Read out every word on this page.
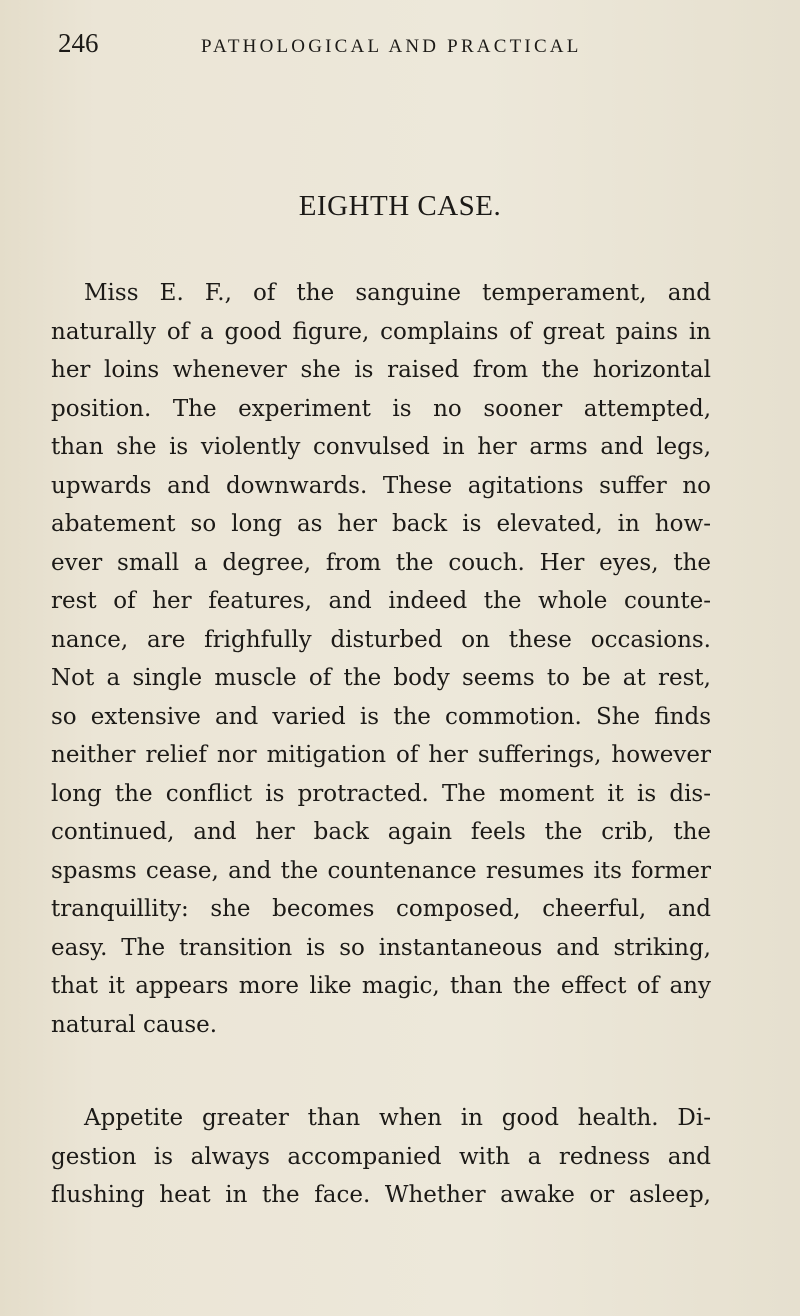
246	PATHOLOGICAL AND PRACTICAL
EIGHTH CASE.
Miss E. F., of the sanguine temperament, and
naturally of a good figure, complains of great pains in
her loins whenever she is raised from the horizontal
position. The experiment is no sooner attempted,
than she is violently convulsed in her arms and legs,
upwards and downwards. These agitations suffer no
abatement so long as her back is elevated, in how-
ever small a degree, from the couch. Her eyes, the
rest of her features, and indeed the whole counte-
nance, are frighfully disturbed on these occasions.
Not a single muscle of the body seems to be at rest,
so extensive and varied is the commotion. She finds
neither relief nor mitigation of her sufferings, however
long the conflict is protracted. The moment it is dis-
continued, and her back again feels the crib, the
spasms cease, and the countenance resumes its former
tranquillity: she becomes composed, cheerful, and
easy. The transition is so instantaneous and striking,
that it appears more like magic, than the effect of any
natural cause.
Appetite greater than when in good health. Di-
gestion is always accompanied with a redness and
flushing heat in the face. Whether awake or asleep,
